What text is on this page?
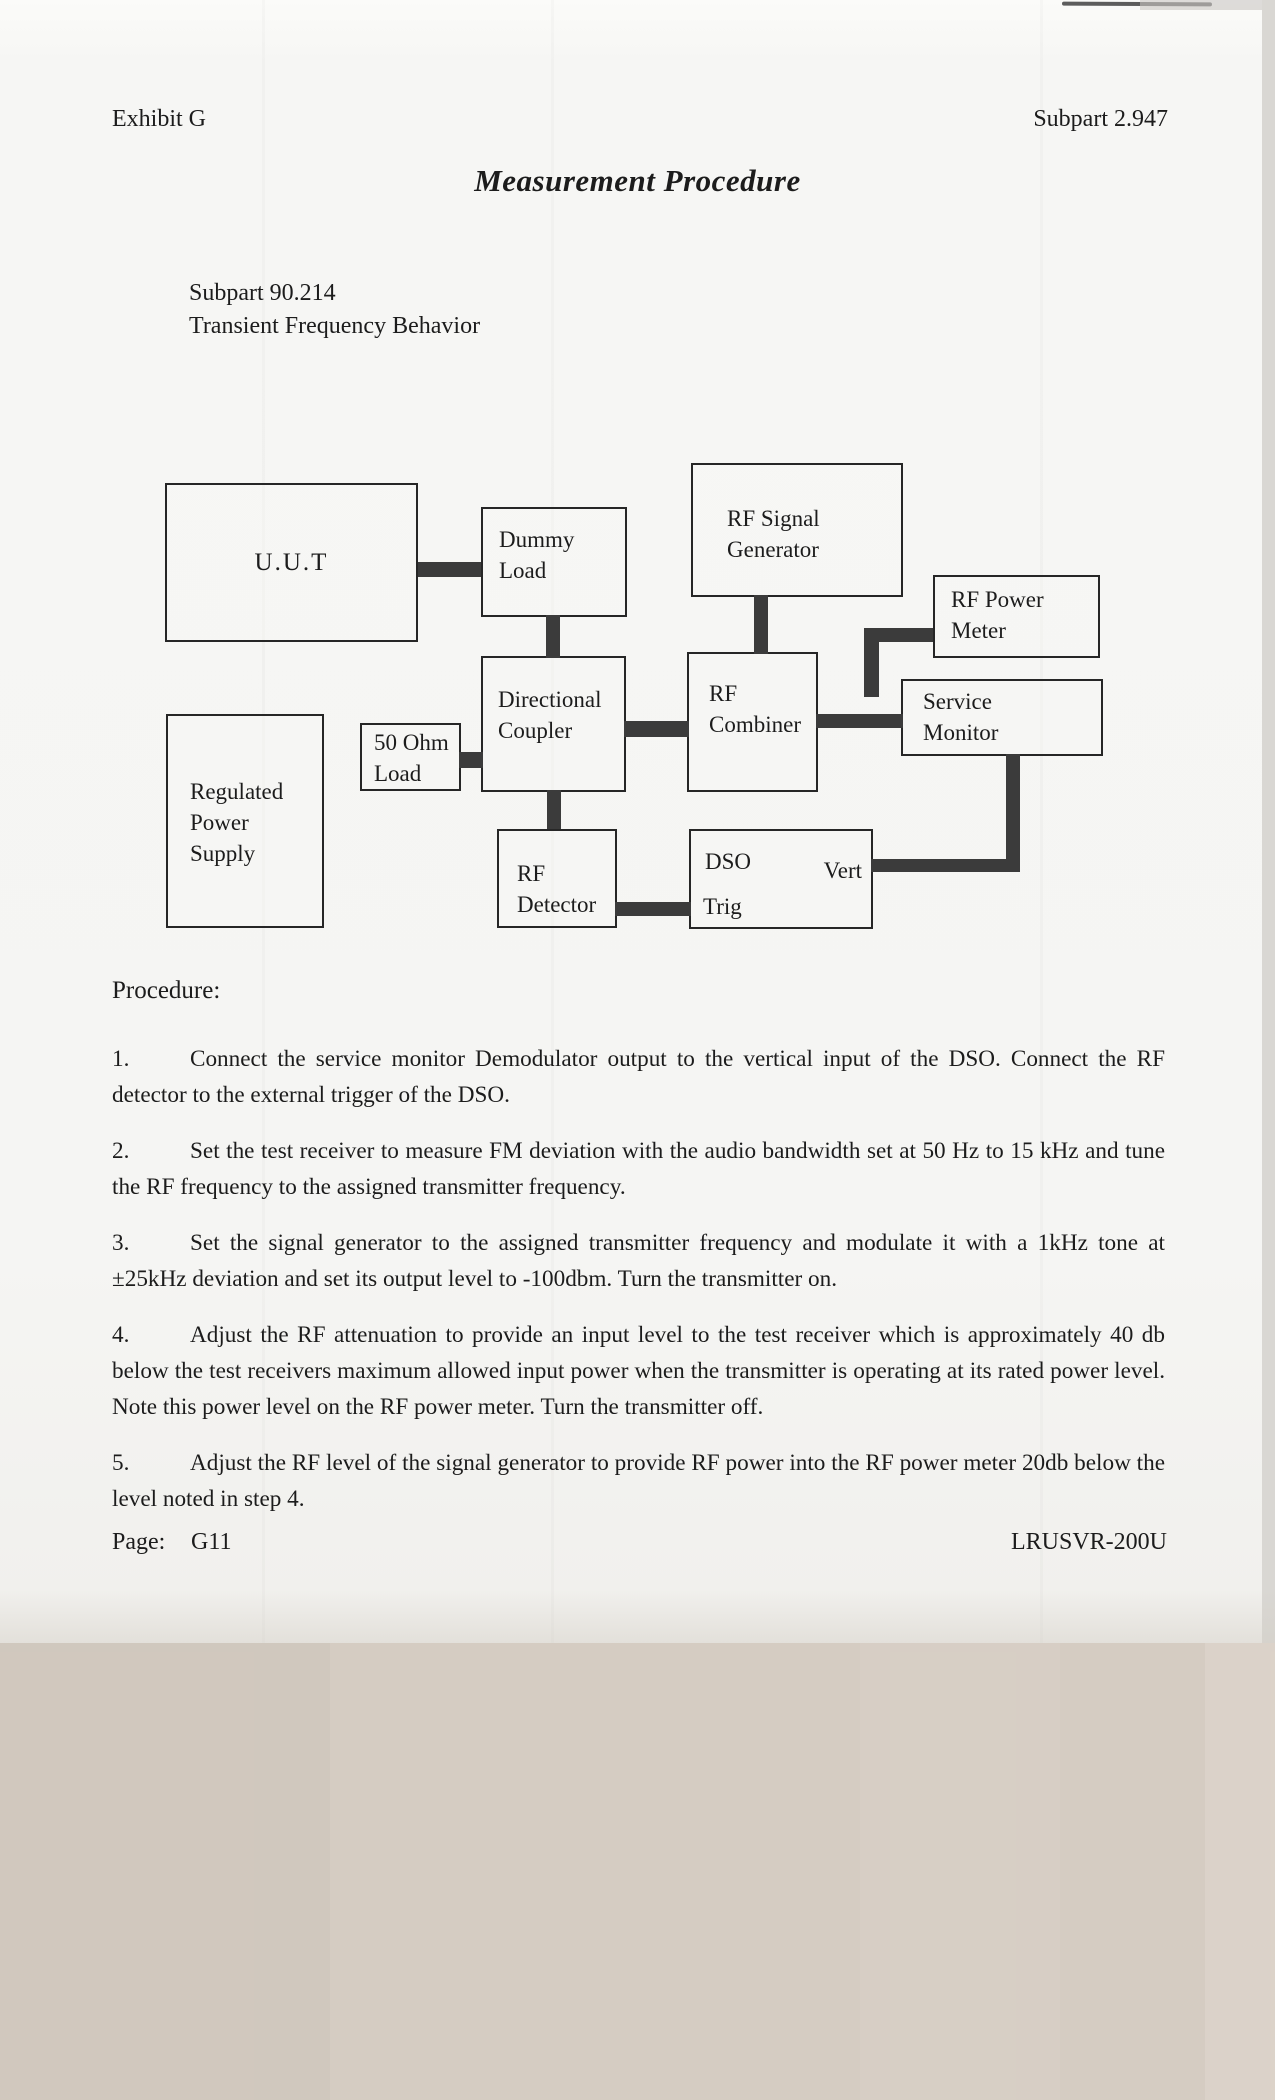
Exhibit G	Subpart 2.947
Measurement Procedure
Subpart 90.214
Transient Frequency Behavior
U.U.T
Dummy
Load
RF Signal
Generator
RF Power
Meter
Directional
Coupler
RF
Combiner
Service
Monitor
Regulated
Power
Supply
50 Ohm
Load
RF
Detector
DSO
Trig
Vert
Procedure:
1.	Connect the service monitor Demodulator output to the vertical input of the DSO. Connect the RF detector to the external trigger of the DSO.
2.	Set the test receiver to measure FM deviation with the audio bandwidth set at 50 Hz to 15 kHz and tune the RF frequency to the assigned transmitter frequency.
3.	Set the signal generator to the assigned transmitter frequency and modulate it with a 1kHz tone at ±25kHz deviation and set its output level to -100dbm. Turn the transmitter on.
4.	Adjust the RF attenuation to provide an input level to the test receiver which is approximately 40 db below the test receivers maximum allowed input power when the transmitter is operating at its rated power level. Note this power level on the RF power meter. Turn the transmitter off.
5.	Adjust the RF level of the signal generator to provide RF power into the RF power meter 20db below the level noted in step 4.
Page: G11	LRUSVR-200U
